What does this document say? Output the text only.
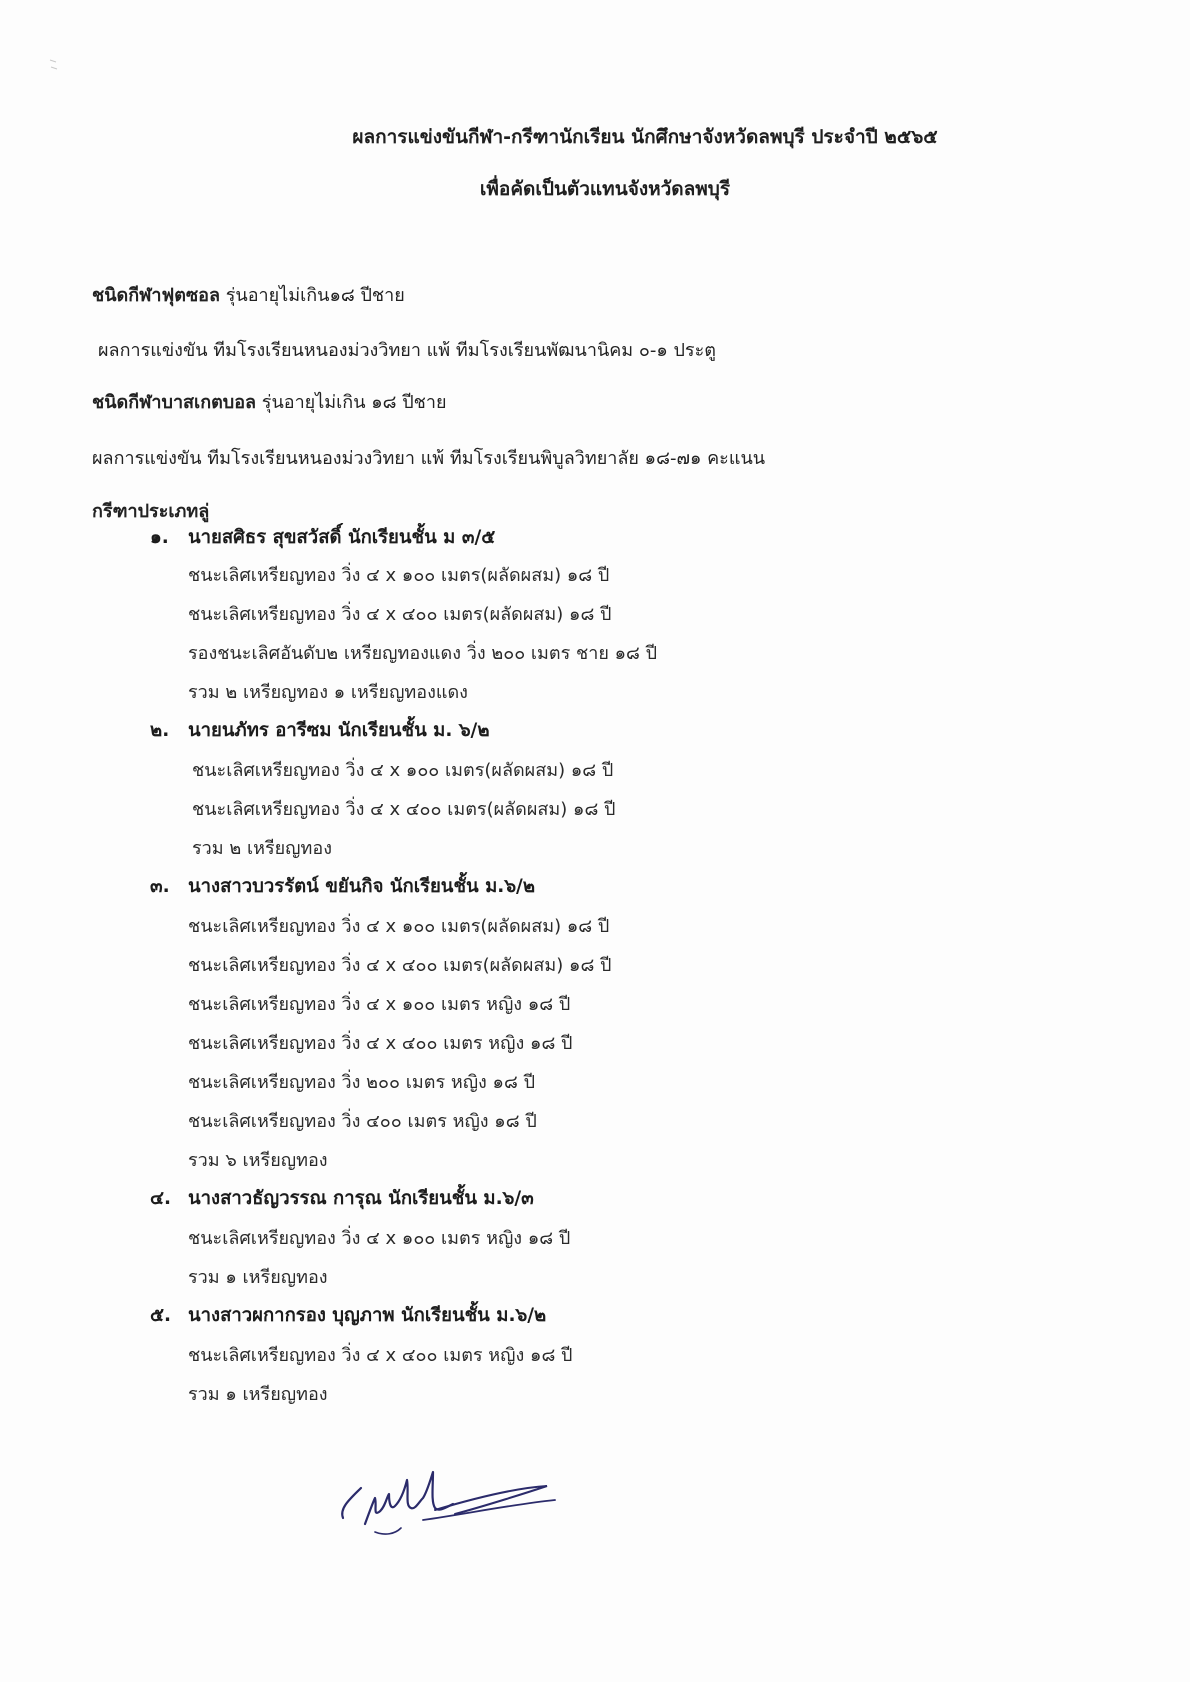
ผลการแข่งขันกีฬา-กรีฑานักเรียน นักศึกษาจังหวัดลพบุรี ประจำปี ๒๕๖๕
เพื่อคัดเป็นตัวแทนจังหวัดลพบุรี
ชนิดกีฬาฟุตซอล รุ่นอายุไม่เกิน๑๘ ปีชาย
ผลการแข่งขัน ทีมโรงเรียนหนองม่วงวิทยา แพ้ ทีมโรงเรียนพัฒนานิคม ๐-๑ ประตู
ชนิดกีฬาบาสเกตบอล รุ่นอายุไม่เกิน ๑๘ ปีชาย
ผลการแข่งขัน ทีมโรงเรียนหนองม่วงวิทยา แพ้ ทีมโรงเรียนพิบูลวิทยาลัย ๑๘-๗๑ คะแนน
กรีฑาประเภทลู่
๑. นายสศิธร สุขสวัสดิ์ นักเรียนชั้น ม ๓/๕
ชนะเลิศเหรียญทอง วิ่ง ๔ x ๑๐๐ เมตร(ผลัดผสม) ๑๘ ปี
ชนะเลิศเหรียญทอง วิ่ง ๔ x ๔๐๐ เมตร(ผลัดผสม) ๑๘ ปี
รองชนะเลิศอันดับ๒ เหรียญทองแดง วิ่ง ๒๐๐ เมตร ชาย ๑๘ ปี
รวม ๒ เหรียญทอง ๑ เหรียญทองแดง
๒. นายนภัทร อารีซม นักเรียนชั้น ม. ๖/๒
ชนะเลิศเหรียญทอง วิ่ง ๔ x ๑๐๐ เมตร(ผลัดผสม) ๑๘ ปี
ชนะเลิศเหรียญทอง วิ่ง ๔ x ๔๐๐ เมตร(ผลัดผสม) ๑๘ ปี
รวม ๒ เหรียญทอง
๓. นางสาวบวรรัตน์ ขยันกิจ นักเรียนชั้น ม.๖/๒
ชนะเลิศเหรียญทอง วิ่ง ๔ x ๑๐๐ เมตร(ผลัดผสม) ๑๘ ปี
ชนะเลิศเหรียญทอง วิ่ง ๔ x ๔๐๐ เมตร(ผลัดผสม) ๑๘ ปี
ชนะเลิศเหรียญทอง วิ่ง ๔ x ๑๐๐ เมตร หญิง ๑๘ ปี
ชนะเลิศเหรียญทอง วิ่ง ๔ x ๔๐๐ เมตร หญิง ๑๘ ปี
ชนะเลิศเหรียญทอง วิ่ง ๒๐๐ เมตร หญิง ๑๘ ปี
ชนะเลิศเหรียญทอง วิ่ง ๔๐๐ เมตร หญิง ๑๘ ปี
รวม ๖ เหรียญทอง
๔. นางสาวธัญวรรณ การุณ นักเรียนชั้น ม.๖/๓
ชนะเลิศเหรียญทอง วิ่ง ๔ x ๑๐๐ เมตร หญิง ๑๘ ปี
รวม ๑ เหรียญทอง
๕. นางสาวผกากรอง บุญภาพ นักเรียนชั้น ม.๖/๒
ชนะเลิศเหรียญทอง วิ่ง ๔ x ๔๐๐ เมตร หญิง ๑๘ ปี
รวม ๑ เหรียญทอง
